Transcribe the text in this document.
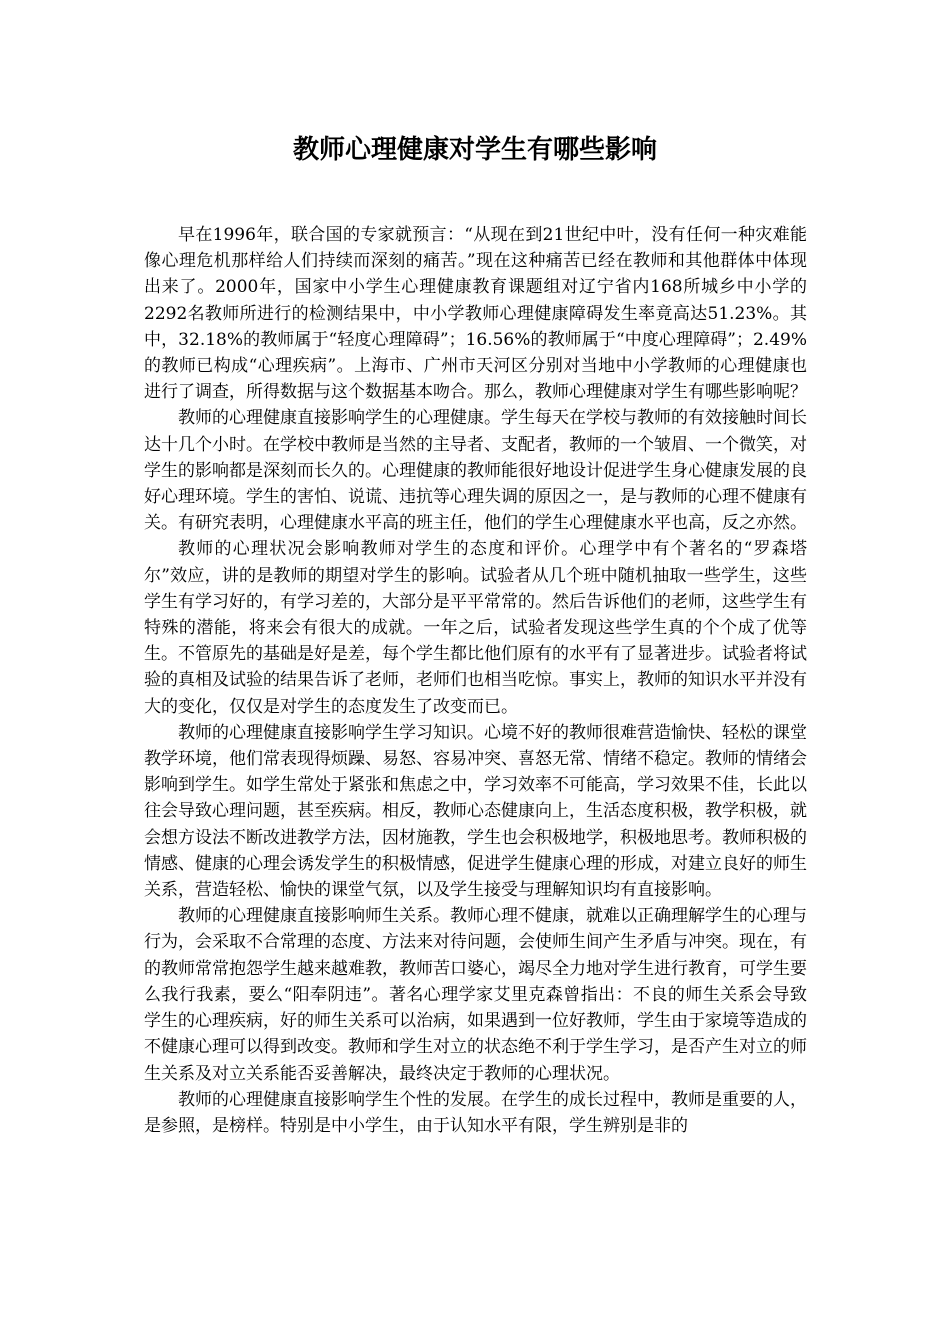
教师心理健康对学生有哪些影响

早在1996年，联合国的专家就预言：“从现在到21世纪中叶，没有任何一种灾难能像心理危机那样给人们持续而深刻的痛苦。”现在这种痛苦已经在教师和其他群体中体现出来了。2000年，国家中小学生心理健康教育课题组对辽宁省内168所城乡中小学的2292名教师所进行的检测结果中，中小学教师心理健康障碍发生率竟高达51.23%。其中，32.18%的教师属于“轻度心理障碍”；16.56%的教师属于“中度心理障碍”；2.49%的教师已构成“心理疾病”。上海市、广州市天河区分别对当地中小学教师的心理健康也进行了调查，所得数据与这个数据基本吻合。那么，教师心理健康对学生有哪些影响呢？

教师的心理健康直接影响学生的心理健康。学生每天在学校与教师的有效接触时间长达十几个小时。在学校中教师是当然的主导者、支配者，教师的一个皱眉、一个微笑，对学生的影响都是深刻而长久的。心理健康的教师能很好地设计促进学生身心健康发展的良好心理环境。学生的害怕、说谎、违抗等心理失调的原因之一，是与教师的心理不健康有关。有研究表明，心理健康水平高的班主任，他们的学生心理健康水平也高，反之亦然。

教师的心理状况会影响教师对学生的态度和评价。心理学中有个著名的“罗森塔尔”效应，讲的是教师的期望对学生的影响。试验者从几个班中随机抽取一些学生，这些学生有学习好的，有学习差的，大部分是平平常常的。然后告诉他们的老师，这些学生有特殊的潜能，将来会有很大的成就。一年之后，试验者发现这些学生真的个个成了优等生。不管原先的基础是好是差，每个学生都比他们原有的水平有了显著进步。试验者将试验的真相及试验的结果告诉了老师，老师们也相当吃惊。事实上，教师的知识水平并没有大的变化，仅仅是对学生的态度发生了改变而已。

教师的心理健康直接影响学生学习知识。心境不好的教师很难营造愉快、轻松的课堂教学环境，他们常表现得烦躁、易怒、容易冲突、喜怒无常、情绪不稳定。教师的情绪会影响到学生。如学生常处于紧张和焦虑之中，学习效率不可能高，学习效果不佳，长此以往会导致心理问题，甚至疾病。相反，教师心态健康向上，生活态度积极，教学积极，就会想方设法不断改进教学方法，因材施教，学生也会积极地学，积极地思考。教师积极的情感、健康的心理会诱发学生的积极情感，促进学生健康心理的形成，对建立良好的师生关系，营造轻松、愉快的课堂气氛，以及学生接受与理解知识均有直接影响。

教师的心理健康直接影响师生关系。教师心理不健康，就难以正确理解学生的心理与行为，会采取不合常理的态度、方法来对待问题，会使师生间产生矛盾与冲突。现在，有的教师常常抱怨学生越来越难教，教师苦口婆心，竭尽全力地对学生进行教育，可学生要么我行我素，要么“阳奉阴违”。著名心理学家艾里克森曾指出：不良的师生关系会导致学生的心理疾病，好的师生关系可以治病，如果遇到一位好教师，学生由于家境等造成的不健康心理可以得到改变。教师和学生对立的状态绝不利于学生学习，是否产生对立的师生关系及对立关系能否妥善解决，最终决定于教师的心理状况。

教师的心理健康直接影响学生个性的发展。在学生的成长过程中，教师是重要的人，是参照，是榜样。特别是中小学生，由于认知水平有限，学生辨别是非的
